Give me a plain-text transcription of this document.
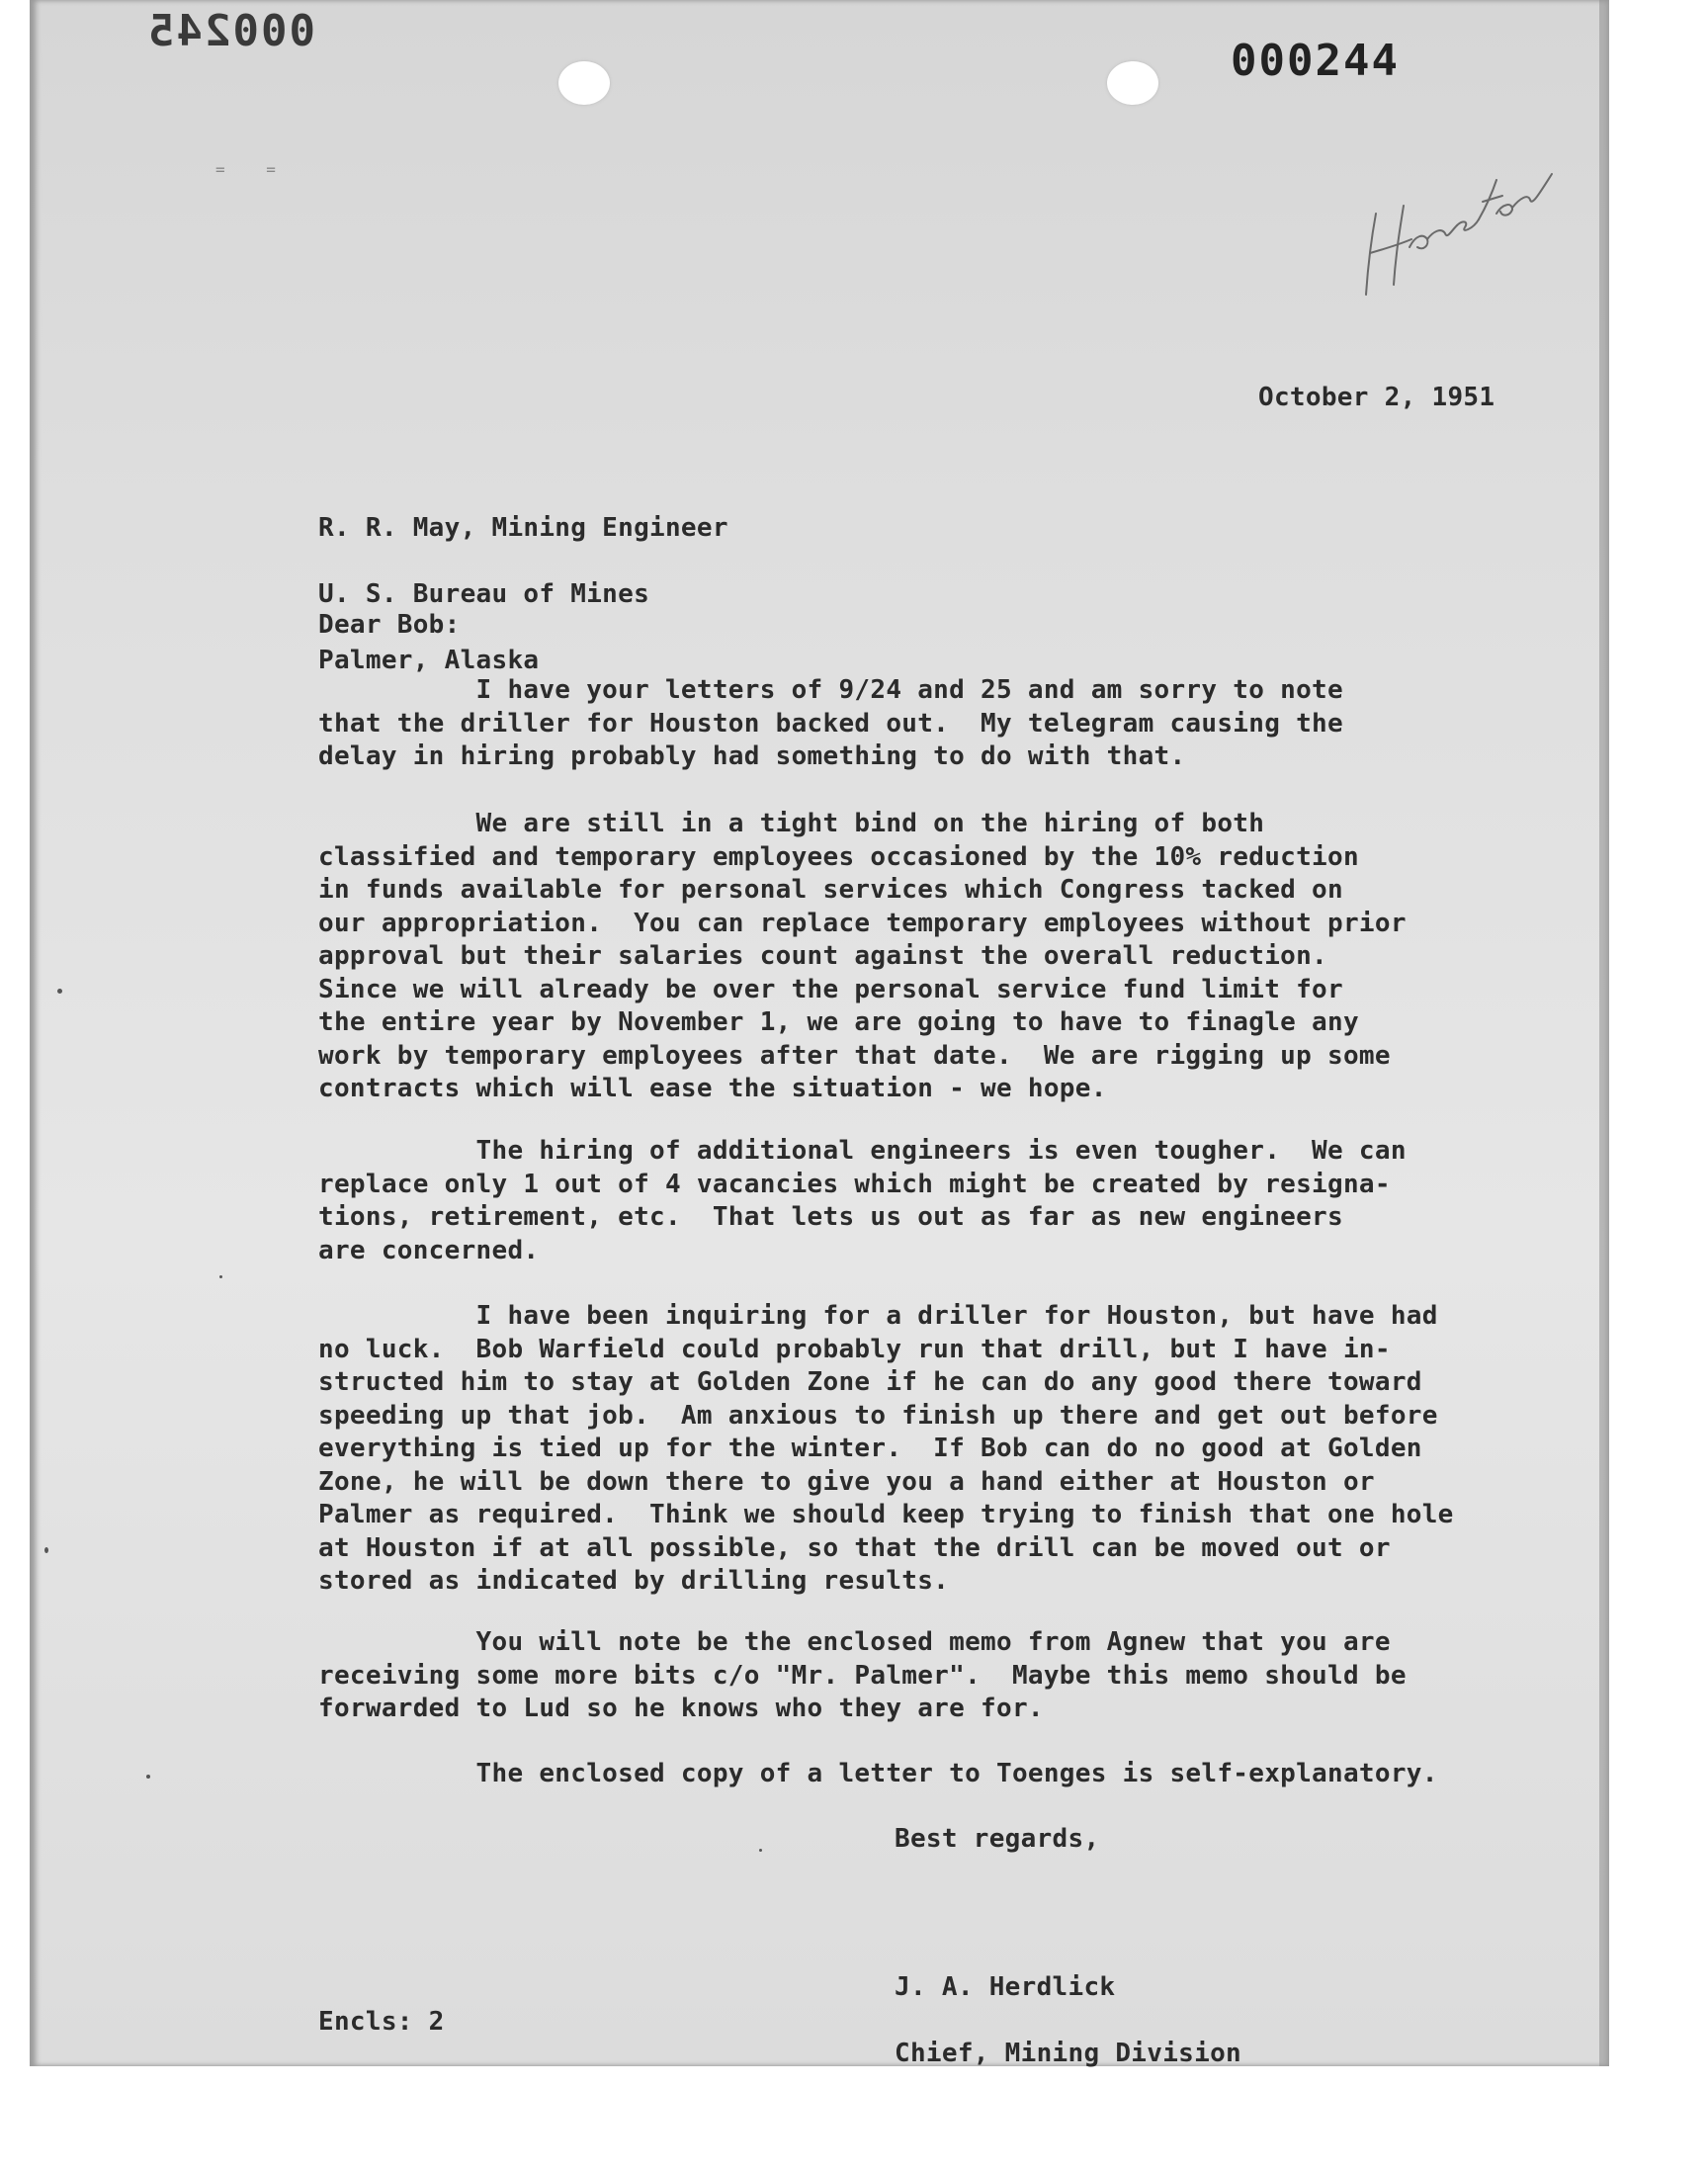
000245

000244

= =

October 2, 1951

R. R. May, Mining Engineer

U. S. Bureau of Mines

Palmer, Alaska

Dear Bob:

I have your letters of 9/24 and 25 and am sorry to note
that the driller for Houston backed out.  My telegram causing the
delay in hiring probably had something to do with that.

We are still in a tight bind on the hiring of both
classified and temporary employees occasioned by the 10% reduction
in funds available for personal services which Congress tacked on
our appropriation.  You can replace temporary employees without prior
approval but their salaries count against the overall reduction.
Since we will already be over the personal service fund limit for
the entire year by November 1, we are going to have to finagle any
work by temporary employees after that date.  We are rigging up some
contracts which will ease the situation - we hope.

The hiring of additional engineers is even tougher.  We can
replace only 1 out of 4 vacancies which might be created by resigna-
tions, retirement, etc.  That lets us out as far as new engineers
are concerned.

I have been inquiring for a driller for Houston, but have had
no luck.  Bob Warfield could probably run that drill, but I have in-
structed him to stay at Golden Zone if he can do any good there toward
speeding up that job.  Am anxious to finish up there and get out before
everything is tied up for the winter.  If Bob can do no good at Golden
Zone, he will be down there to give you a hand either at Houston or
Palmer as required.  Think we should keep trying to finish that one hole
at Houston if at all possible, so that the drill can be moved out or
stored as indicated by drilling results.

You will note be the enclosed memo from Agnew that you are
receiving some more bits c/o "Mr. Palmer".  Maybe this memo should be
forwarded to Lud so he knows who they are for.

The enclosed copy of a letter to Toenges is self-explanatory.

Best regards,

J. A. Herdlick

Chief, Mining Division

Encls: 2
